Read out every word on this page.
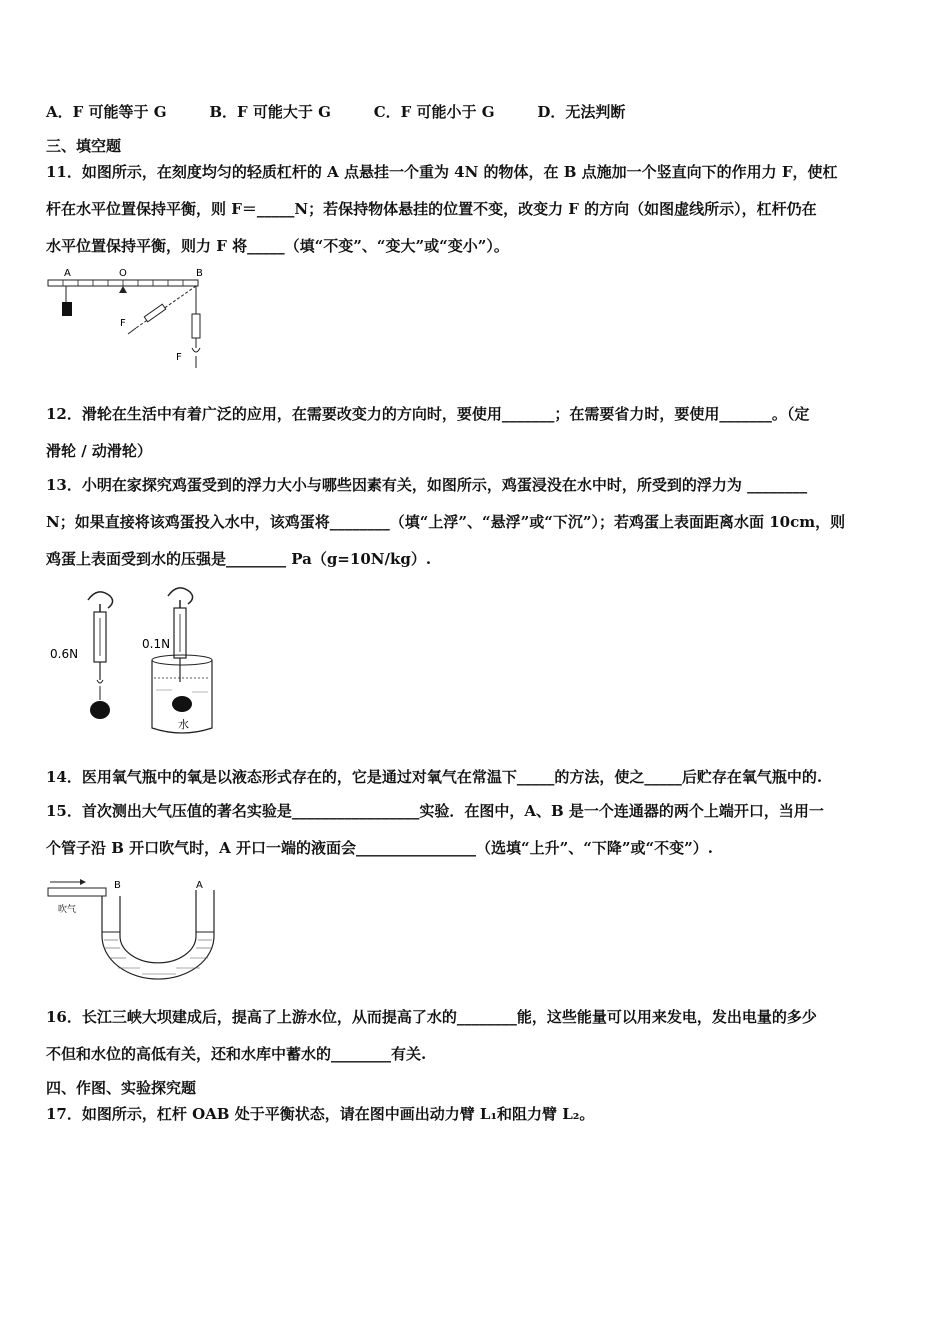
A．F 可能等于 G	B．F 可能大于 G	C．F 可能小于 G	D．无法判断
三、填空题
11．如图所示，在刻度均匀的轻质杠杆的 A 点悬挂一个重为 4N 的物体，在 B 点施加一个竖直向下的作用力 F，使杠
杆在水平位置保持平衡，则 F＝_____N；若保持物体悬挂的位置不变，改变力 F 的方向（如图虚线所示），杠杆仍在
水平位置保持平衡，则力 F 将_____（填“不变”、“变大”或“变小”）。
A	O	B
F
F
12．滑轮在生活中有着广泛的应用，在需要改变力的方向时，要使用_______；在需要省力时，要使用_______。（定
滑轮 / 动滑轮）
13．小明在家探究鸡蛋受到的浮力大小与哪些因素有关，如图所示，鸡蛋浸没在水中时，所受到的浮力为 ________
N；如果直接将该鸡蛋投入水中，该鸡蛋将________（填“上浮”、“悬浮”或“下沉”）；若鸡蛋上表面距离水面 10cm，则
鸡蛋上表面受到水的压强是________ Pa（g=10N/kg）.
0.6N
0.1N
水
14．医用氧气瓶中的氧是以液态形式存在的，它是通过对氧气在常温下_____的方法，使之_____后贮存在氧气瓶中的.
15．首次测出大气压值的著名实验是_________________实验．在图中，A、B 是一个连通器的两个上端开口，当用一
个管子沿 B 开口吹气时，A 开口一端的液面会________________（选填“上升”、“下降”或“不变”）.
吹气
B	A
16．长江三峡大坝建成后，提高了上游水位，从而提高了水的________能，这些能量可以用来发电，发出电量的多少
不但和水位的高低有关，还和水库中蓄水的________有关.
四、作图、实验探究题
17．如图所示，杠杆 OAB 处于平衡状态，请在图中画出动力臂 L₁和阻力臂 L₂。
